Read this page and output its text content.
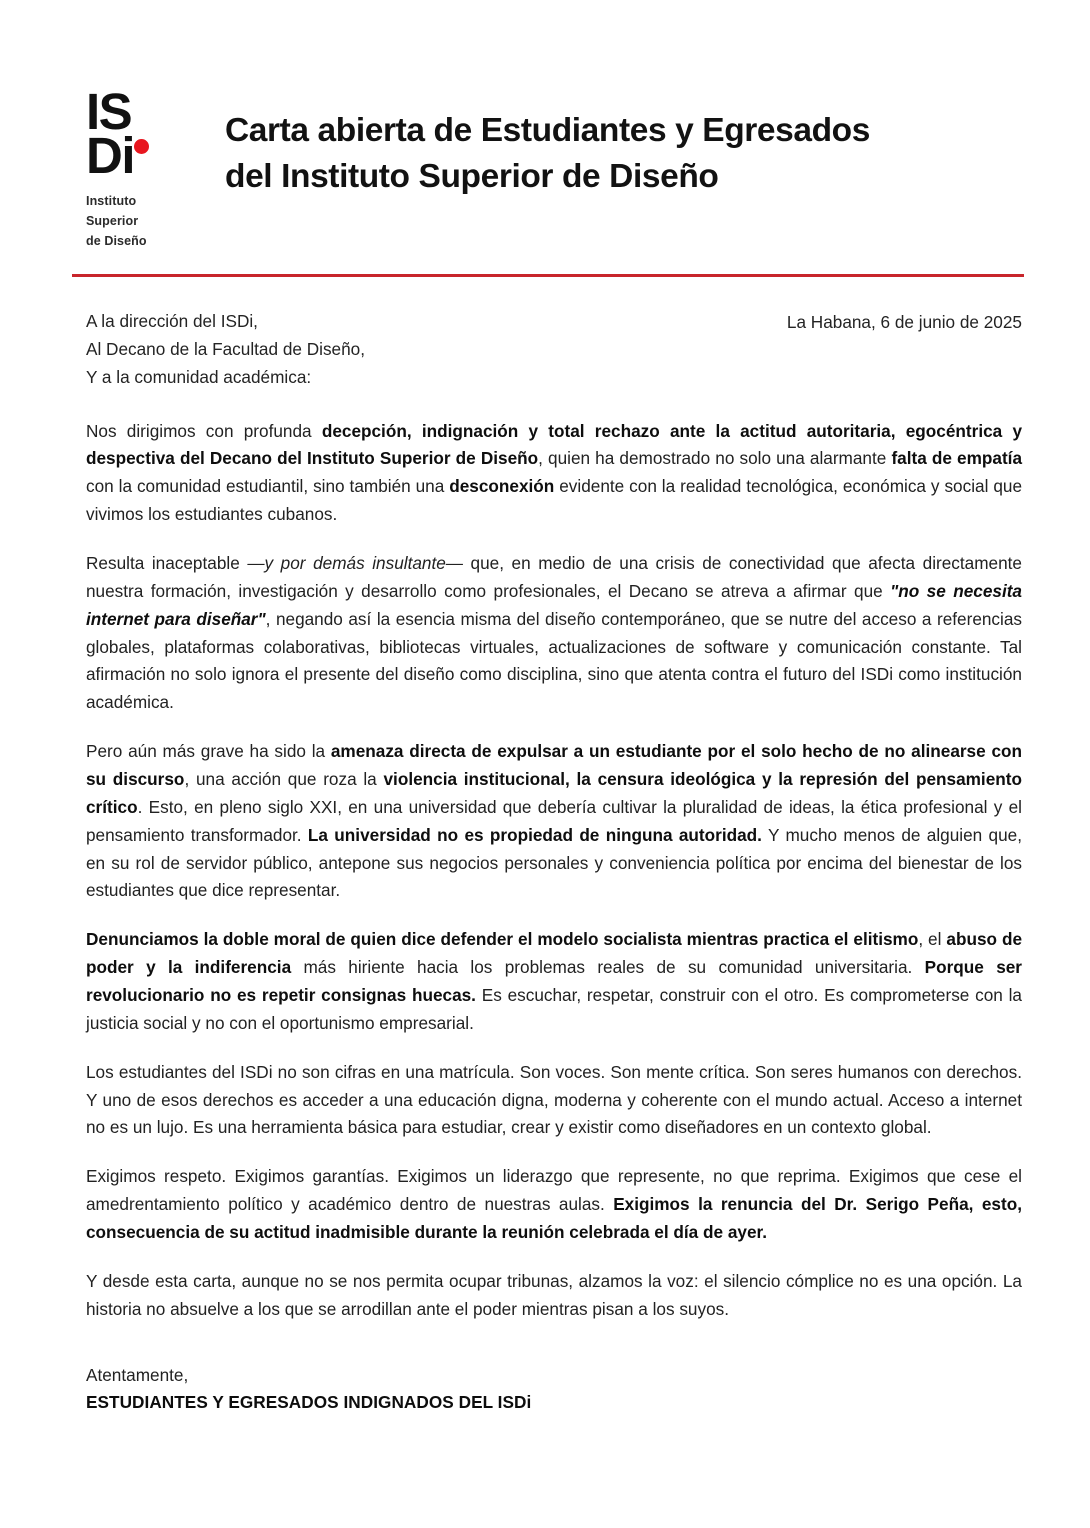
IS
Di
Instituto
Superior
de Diseño
Carta abierta de Estudiantes y Egresados
del Instituto Superior de Diseño
A la dirección del ISDi,
Al Decano de la Facultad de Diseño,
Y a la comunidad académica:
La Habana, 6 de junio de 2025

Nos dirigimos con profunda decepción, indignación y total rechazo ante la actitud autoritaria, egocéntrica y despectiva del Decano del Instituto Superior de Diseño, quien ha demostrado no solo una alarmante falta de empatía con la comunidad estudiantil, sino también una desconexión evidente con la realidad tecnológica, económica y social que vivimos los estudiantes cubanos.

Resulta inaceptable —y por demás insultante— que, en medio de una crisis de conectividad que afecta directamente nuestra formación, investigación y desarrollo como profesionales, el Decano se atreva a afirmar que "no se necesita internet para diseñar", negando así la esencia misma del diseño contemporáneo, que se nutre del acceso a referencias globales, plataformas colaborativas, bibliotecas virtuales, actualizaciones de software y comunicación constante. Tal afirmación no solo ignora el presente del diseño como disciplina, sino que atenta contra el futuro del ISDi como institución académica.

Pero aún más grave ha sido la amenaza directa de expulsar a un estudiante por el solo hecho de no alinearse con su discurso, una acción que roza la violencia institucional, la censura ideológica y la represión del pensamiento crítico. Esto, en pleno siglo XXI, en una universidad que debería cultivar la pluralidad de ideas, la ética profesional y el pensamiento transformador. La universidad no es propiedad de ninguna autoridad. Y mucho menos de alguien que, en su rol de servidor público, antepone sus negocios personales y conveniencia política por encima del bienestar de los estudiantes que dice representar.

Denunciamos la doble moral de quien dice defender el modelo socialista mientras practica el elitismo, el abuso de poder y la indiferencia más hiriente hacia los problemas reales de su comunidad universitaria. Porque ser revolucionario no es repetir consignas huecas. Es escuchar, respetar, construir con el otro. Es comprometerse con la justicia social y no con el oportunismo empresarial.

Los estudiantes del ISDi no son cifras en una matrícula. Son voces. Son mente crítica. Son seres humanos con derechos. Y uno de esos derechos es acceder a una educación digna, moderna y coherente con el mundo actual. Acceso a internet no es un lujo. Es una herramienta básica para estudiar, crear y existir como diseñadores en un contexto global.

Exigimos respeto. Exigimos garantías. Exigimos un liderazgo que represente, no que reprima. Exigimos que cese el amedrentamiento político y académico dentro de nuestras aulas. Exigimos la renuncia del Dr. Serigo Peña, esto, consecuencia de su actitud inadmisible durante la reunión celebrada el día de ayer.

Y desde esta carta, aunque no se nos permita ocupar tribunas, alzamos la voz: el silencio cómplice no es una opción. La historia no absuelve a los que se arrodillan ante el poder mientras pisan a los suyos.

Atentamente,
ESTUDIANTES Y EGRESADOS INDIGNADOS DEL ISDi
